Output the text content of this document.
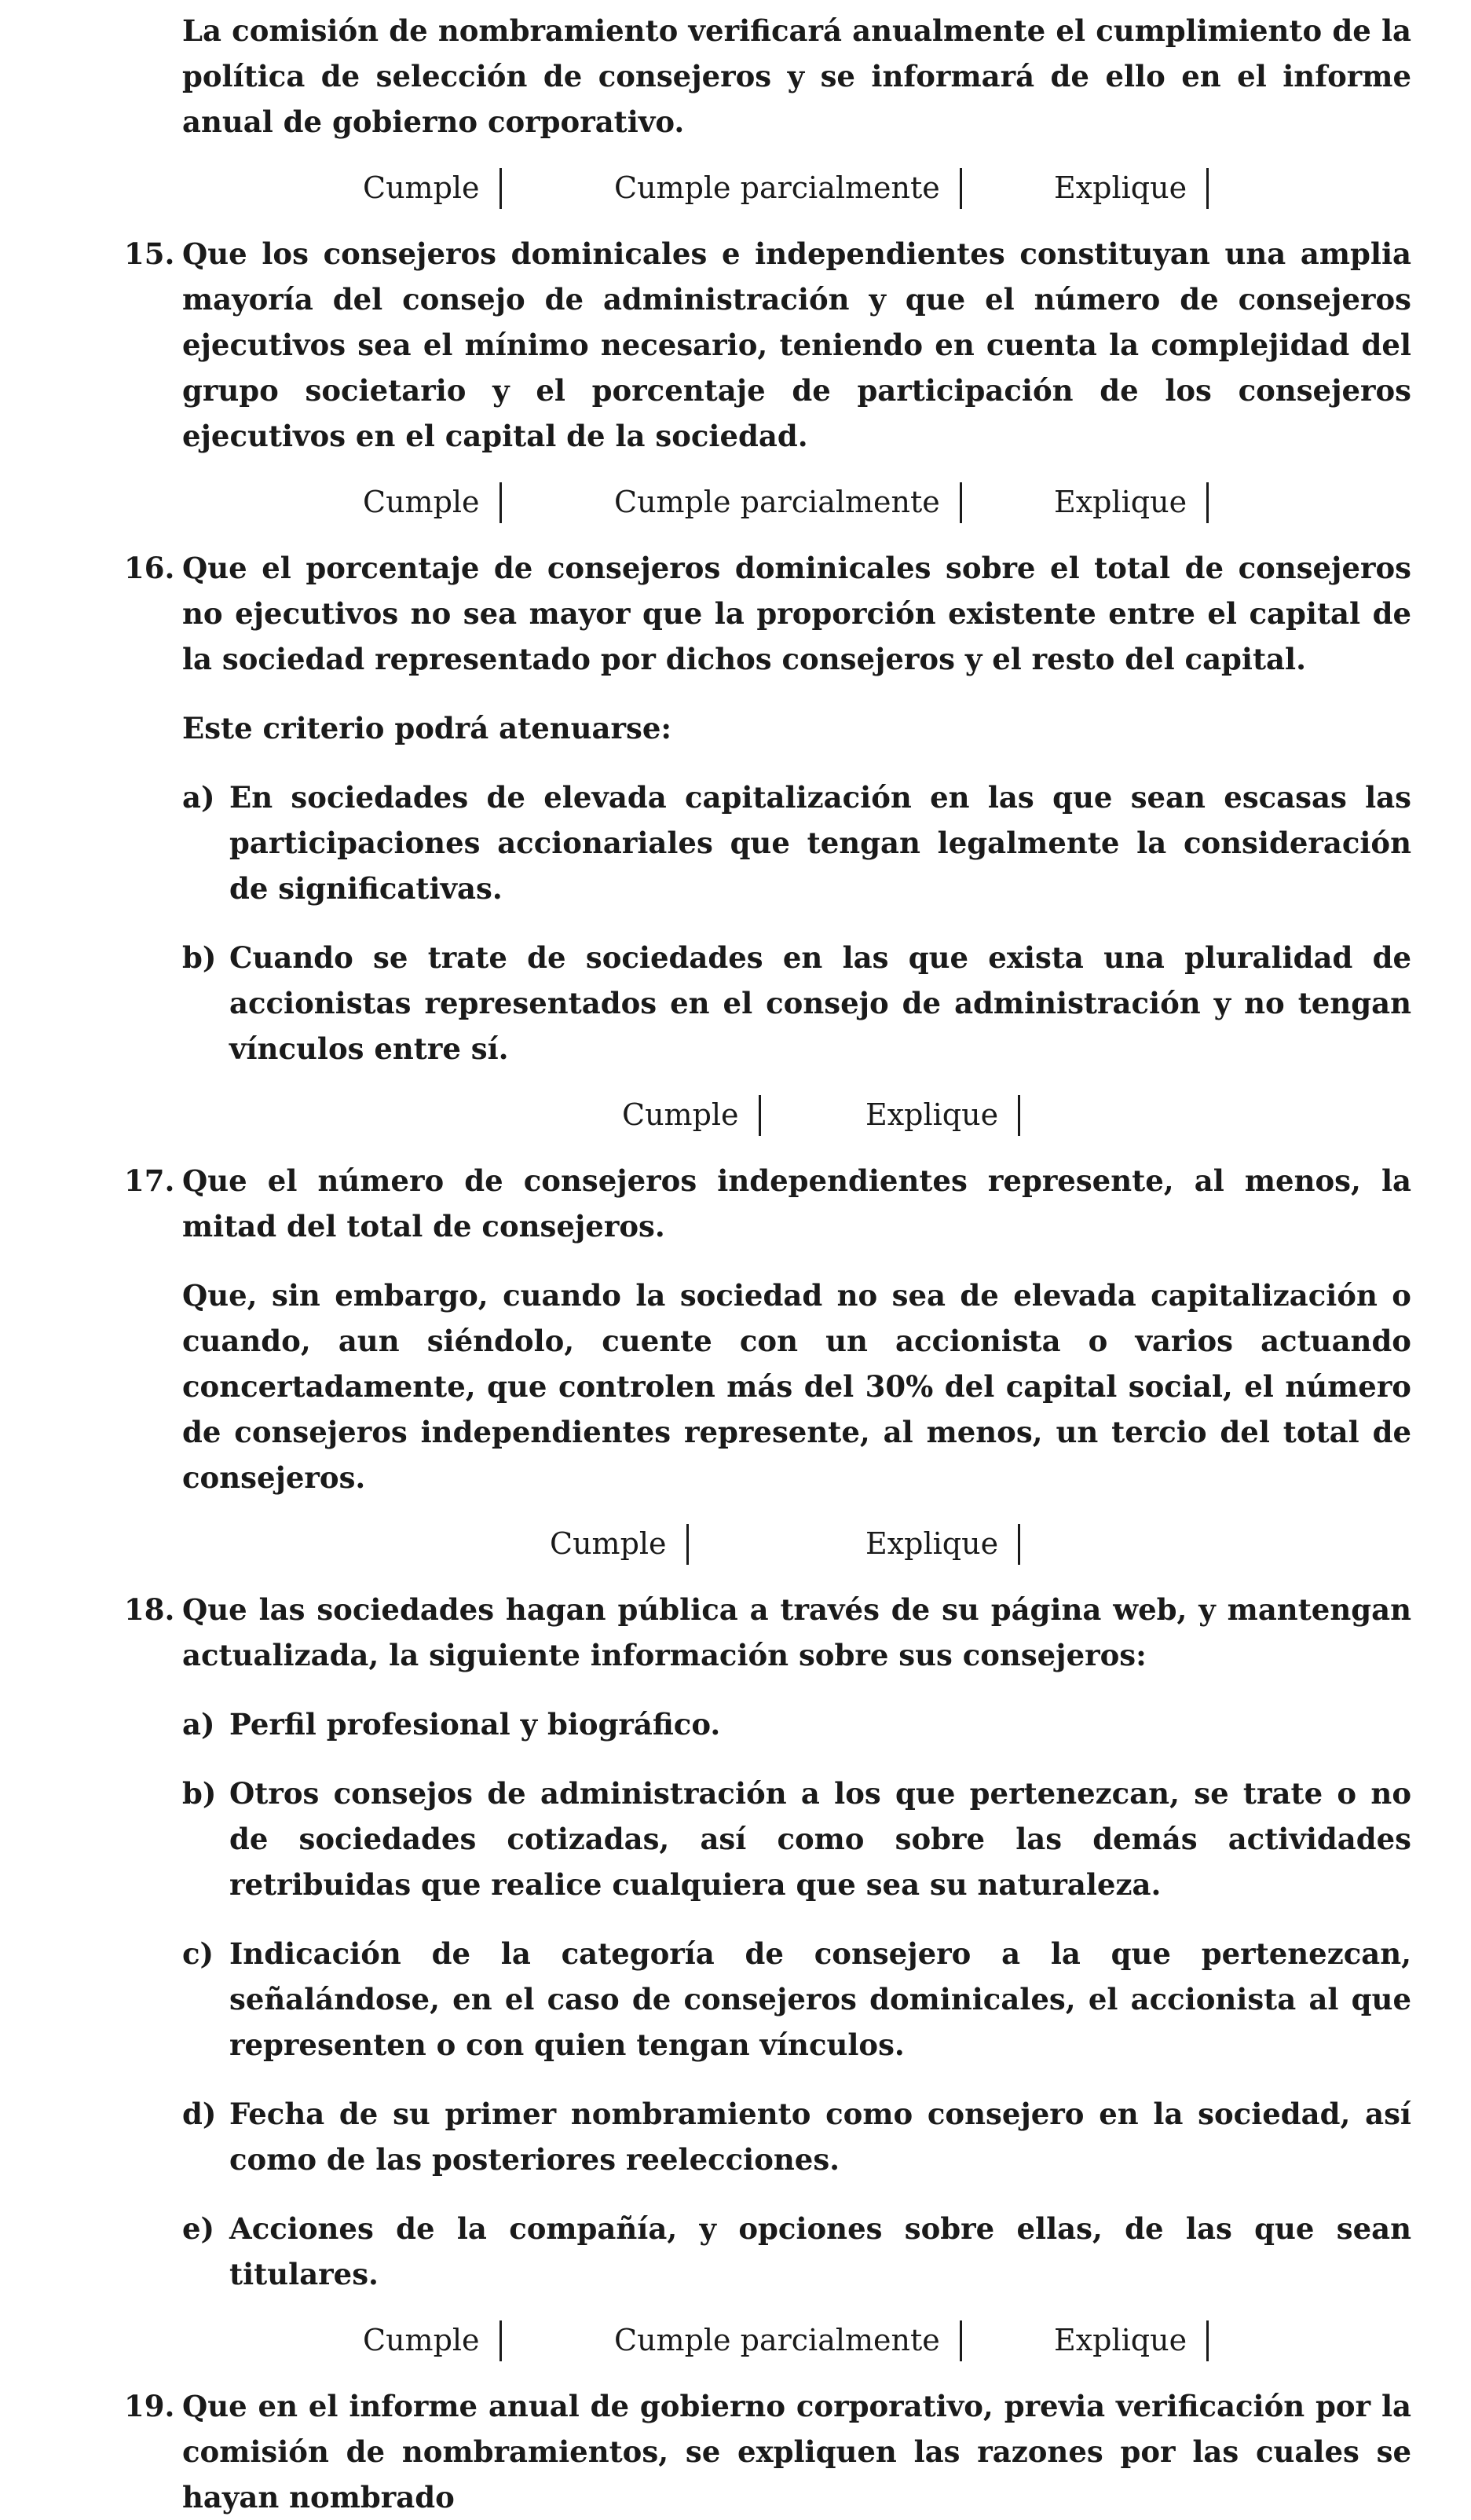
La comisión de nombramiento verificará anualmente el cumplimiento de la política de selección de consejeros y se informará de ello en el informe anual de gobierno corporativo.

Cumple	Cumple parcialmente	Explique
15. Que los consejeros dominicales e independientes constituyan una amplia mayoría del consejo de administración y que el número de consejeros ejecutivos sea el mínimo necesario, teniendo en cuenta la complejidad del grupo societario y el porcentaje de participación de los consejeros ejecutivos en el capital de la sociedad.

Cumple	Cumple parcialmente	Explique
16. Que el porcentaje de consejeros dominicales sobre el total de consejeros no ejecutivos no sea mayor que la proporción existente entre el capital de la sociedad representado por dichos consejeros y el resto del capital.

Este criterio podrá atenuarse:

a) En sociedades de elevada capitalización en las que sean escasas las participaciones accionariales que tengan legalmente la consideración de significativas.

b) Cuando se trate de sociedades en las que exista una pluralidad de accionistas representados en el consejo de administración y no tengan vínculos entre sí.

Cumple	Explique
17. Que el número de consejeros independientes represente, al menos, la mitad del total de consejeros.

Que, sin embargo, cuando la sociedad no sea de elevada capitalización o cuando, aun siéndolo, cuente con un accionista o varios actuando concertadamente, que controlen más del 30% del capital social, el número de consejeros independientes represente, al menos, un tercio del total de consejeros.

Cumple	Explique
18. Que las sociedades hagan pública a través de su página web, y mantengan actualizada, la siguiente información sobre sus consejeros:

a) Perfil profesional y biográfico.

b) Otros consejos de administración a los que pertenezcan, se trate o no de sociedades cotizadas, así como sobre las demás actividades retribuidas que realice cualquiera que sea su naturaleza.

c) Indicación de la categoría de consejero a la que pertenezcan, señalándose, en el caso de consejeros dominicales, el accionista al que representen o con quien tengan vínculos.

d) Fecha de su primer nombramiento como consejero en la sociedad, así como de las posteriores reelecciones.

e) Acciones de la compañía, y opciones sobre ellas, de las que sean titulares.

Cumple	Cumple parcialmente	Explique
19. Que en el informe anual de gobierno corporativo, previa verificación por la comisión de nombramientos, se expliquen las razones por las cuales se hayan nombrado
